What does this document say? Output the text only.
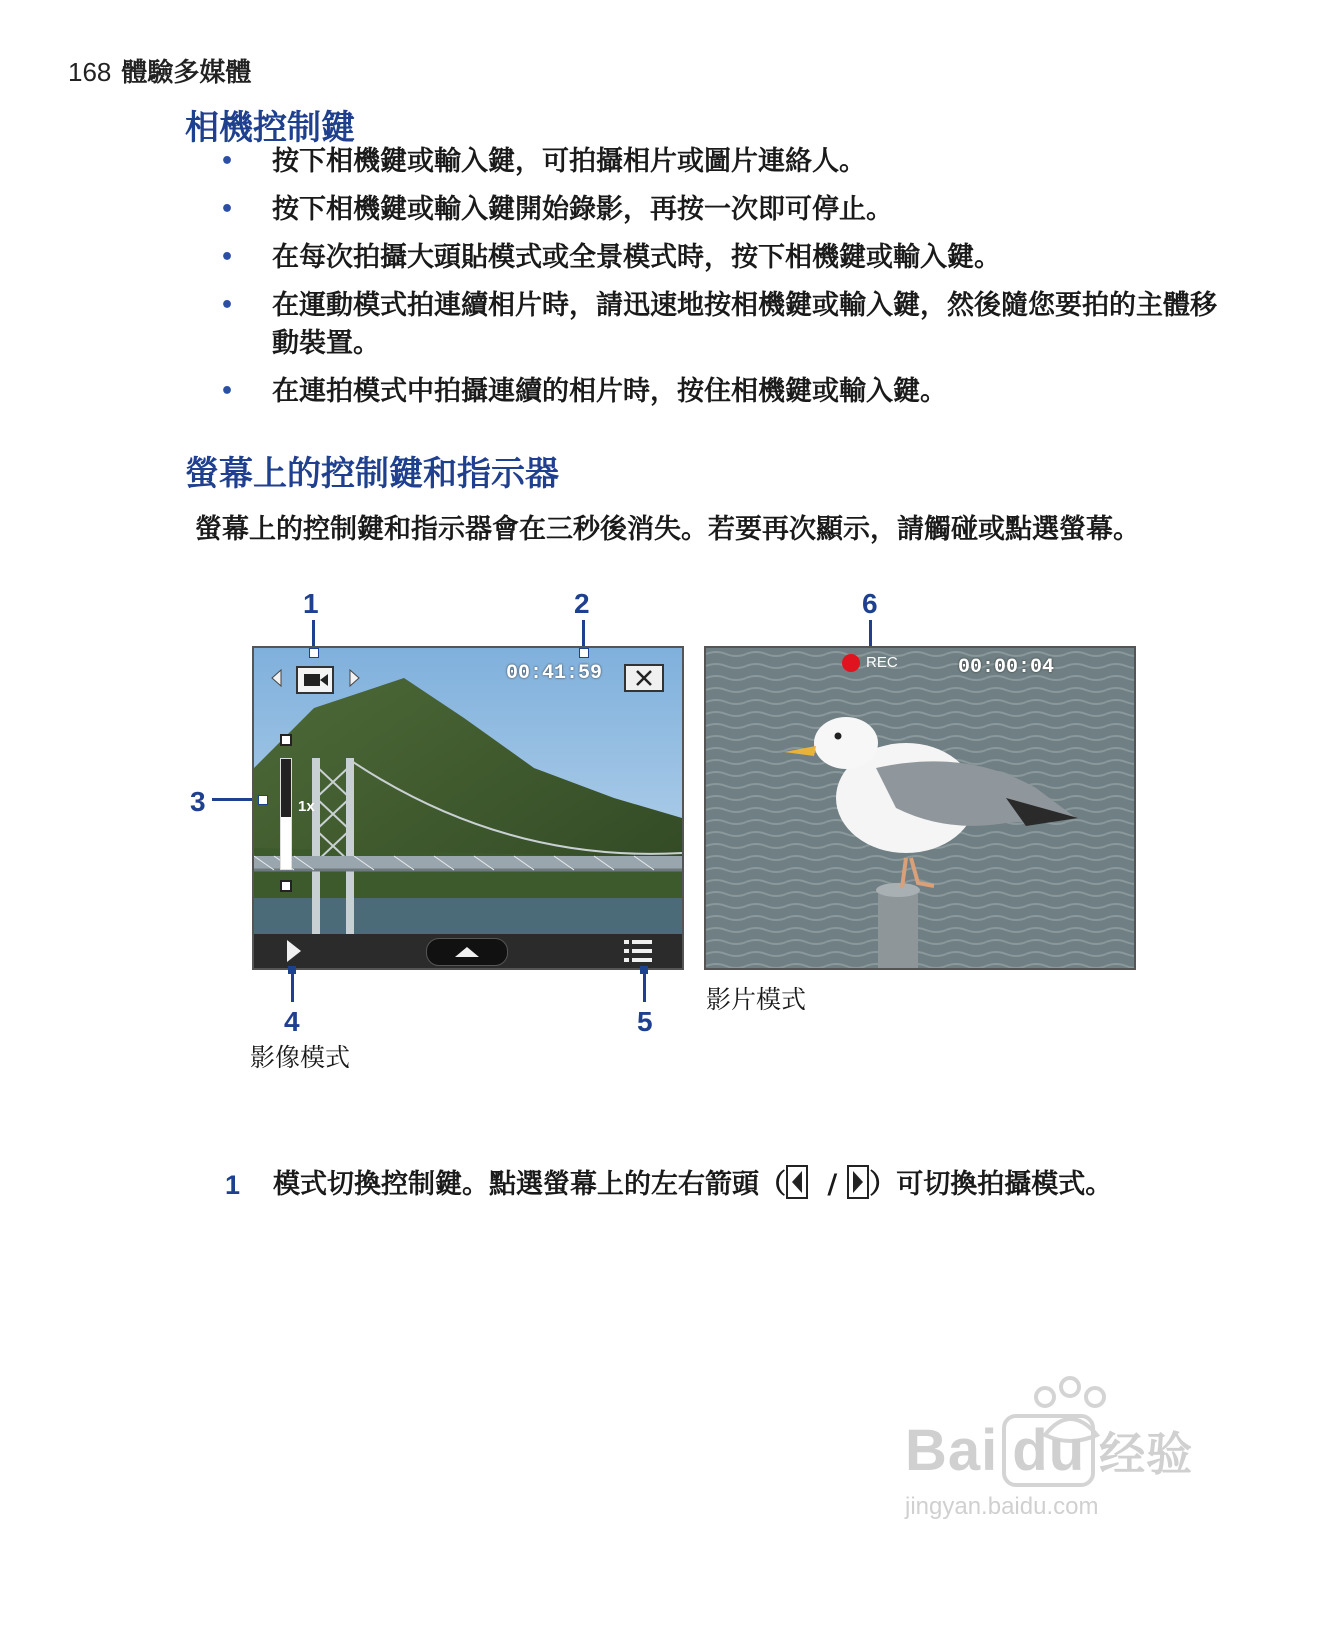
168 體驗多媒體
相機控制鍵
• 按下相機鍵或輸入鍵，可拍攝相片或圖片連絡人。
• 按下相機鍵或輸入鍵開始錄影，再按一次即可停止。
• 在每次拍攝大頭貼模式或全景模式時，按下相機鍵或輸入鍵。
• 在運動模式拍連續相片時，請迅速地按相機鍵或輸入鍵，然後隨您要拍的主體移動裝置。
• 在連拍模式中拍攝連續的相片時，按住相機鍵或輸入鍵。
螢幕上的控制鍵和指示器
螢幕上的控制鍵和指示器會在三秒後消失。若要再次顯示，請觸碰或點選螢幕。
1	2	6
3
4	5
00:41:59
1x
影像模式
REC	00:00:04
影片模式
1	模式切換控制鍵。點選螢幕上的左右箭頭（ / ）可切換拍攝模式。
Bai du 经验
jingyan.baidu.com
